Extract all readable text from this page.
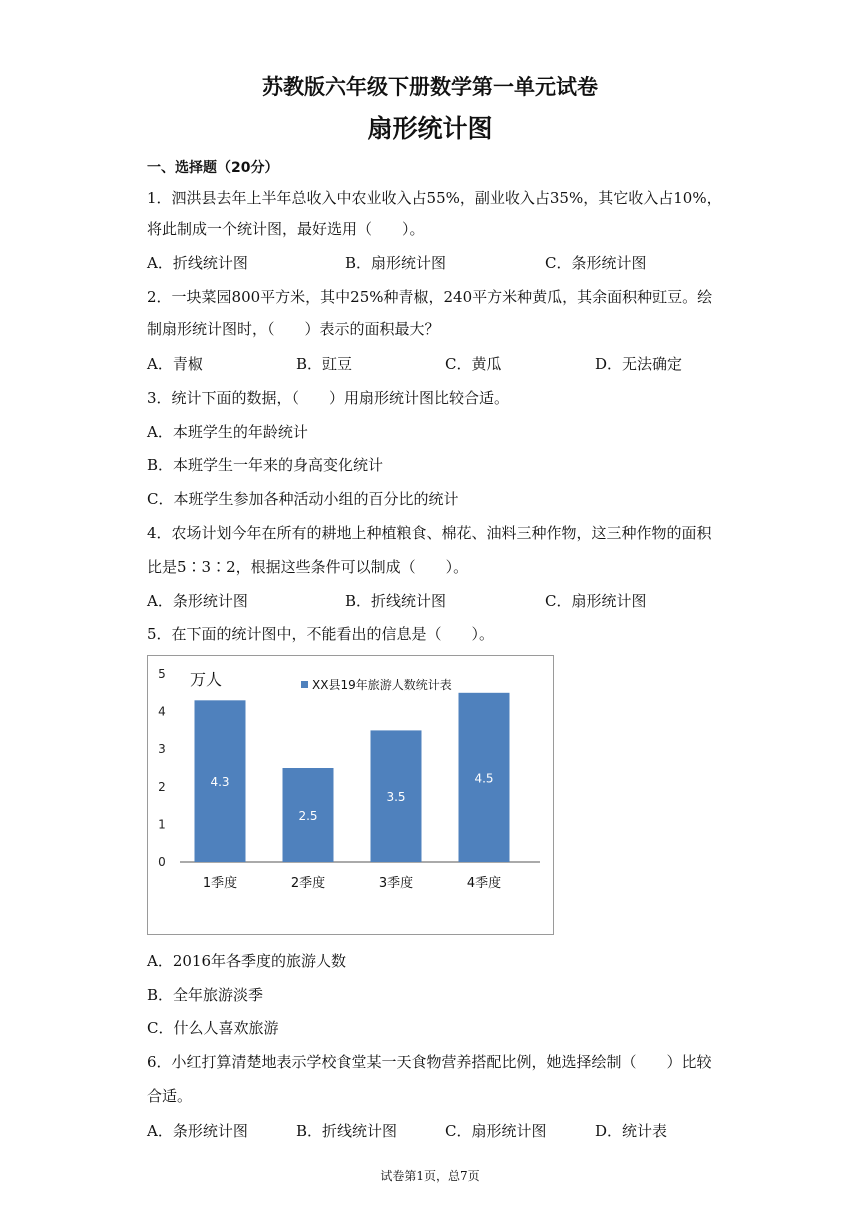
苏教版六年级下册数学第一单元试卷
扇形统计图
一、选择题（20分）
1．泗洪县去年上半年总收入中农业收入占55%，副业收入占35%，其它收入占10%，
将此制成一个统计图，最好选用（　　）。
A．折线统计图	B．扇形统计图	C．条形统计图
2．一块菜园800平方米，其中25%种青椒，240平方米种黄瓜，其余面积种豇豆。绘
制扇形统计图时，（　　）表示的面积最大？
A．青椒	B．豇豆	C．黄瓜	D．无法确定
3．统计下面的数据，（　　）用扇形统计图比较合适。
A．本班学生的年龄统计
B．本班学生一年来的身高变化统计
C．本班学生参加各种活动小组的百分比的统计
4．农场计划今年在所有的耕地上种植粮食、棉花、油料三种作物，这三种作物的面积
比是5∶3∶2，根据这些条件可以制成（　　）。
A．条形统计图	B．折线统计图	C．扇形统计图
5．在下面的统计图中，不能看出的信息是（　　）。
0
1
2
3
4
5 万人	XX县19年旅游人数统计表
4.3
1季度
2.5
2季度
3.5
3季度
4.5
4季度
A．2016年各季度的旅游人数
B．全年旅游淡季
C．什么人喜欢旅游
6．小红打算清楚地表示学校食堂某一天食物营养搭配比例，她选择绘制（　　）比较
合适。
A．条形统计图	B．折线统计图	C．扇形统计图	D．统计表
试卷第1页，总7页
